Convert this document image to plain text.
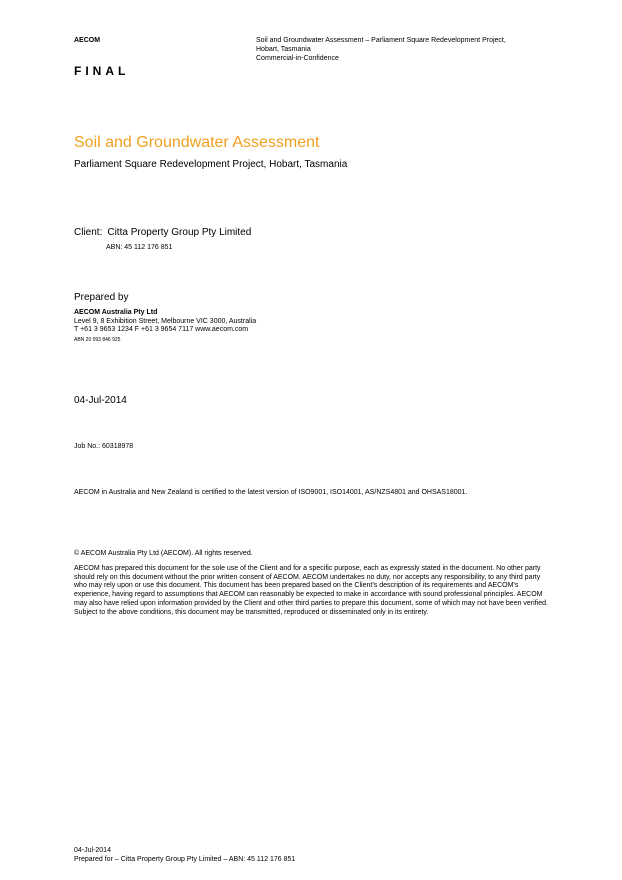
AECOM	Soil and Groundwater Assessment – Parliament Square Redevelopment Project,
Hobart, Tasmania
Commercial-in-Confidence
FINAL
Soil and Groundwater Assessment
Parliament Square Redevelopment Project, Hobart, Tasmania
Client: Citta Property Group Pty Limited
ABN: 45 112 176 851
Prepared by
AECOM Australia Pty Ltd
Level 9, 8 Exhibition Street, Melbourne VIC 3000, Australia
T +61 3 9653 1234 F +61 3 9654 7117 www.aecom.com
ABN 20 093 846 925
04-Jul-2014
Job No.: 60318978
AECOM in Australia and New Zealand is certified to the latest version of ISO9001, ISO14001, AS/NZS4801 and OHSAS18001.
© AECOM Australia Pty Ltd (AECOM). All rights reserved.
AECOM has prepared this document for the sole use of the Client and for a specific purpose, each as expressly stated in the document. No other party should rely on this document without the prior written consent of AECOM. AECOM undertakes no duty, nor accepts any responsibility, to any third party who may rely upon or use this document. This document has been prepared based on the Client’s description of its requirements and AECOM’s experience, having regard to assumptions that AECOM can reasonably be expected to make in accordance with sound professional principles. AECOM may also have relied upon information provided by the Client and other third parties to prepare this document, some of which may not have been verified. Subject to the above conditions, this document may be transmitted, reproduced or disseminated only in its entirety.
04-Jul-2014
Prepared for – Citta Property Group Pty Limited – ABN: 45 112 176 851
